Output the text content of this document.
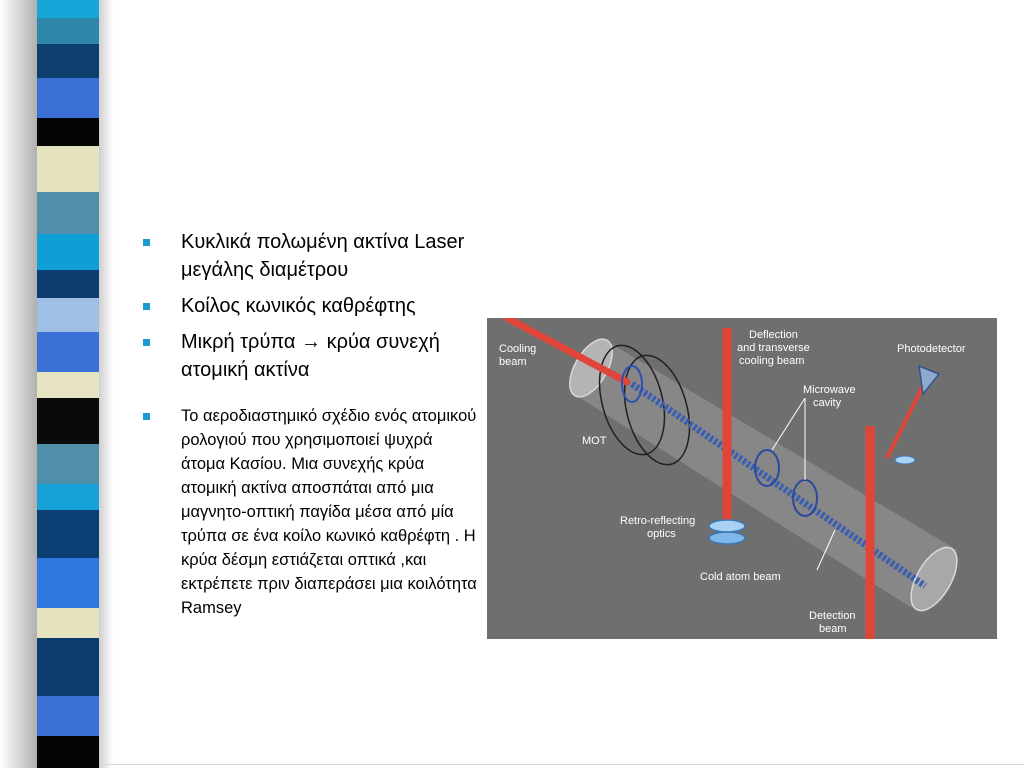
Κυκλικά πολωμένη ακτίνα Laser μεγάλης διαμέτρου
Κοίλος κωνικός καθρέφτης
Μικρή τρύπα → κρύα συνεχή ατομική ακτίνα
Το αεροδιαστημικό σχέδιο ενός ατομικού ρολογιού που χρησιμοποιεί ψυχρά άτομα Κασίου. Μια συνεχής κρύα ατομική ακτίνα αποσπάται από μια μαγνητο-οπτική παγίδα μέσα από μία τρύπα σε ένα κοίλο κωνικό καθρέφτη . Η κρύα δέσμη εστιάζεται οπτικά ,και εκτρέπετε πριν διαπεράσει μια κοιλότητα Ramsey
Cooling
beam
Deflection
and transverse
cooling beam
Photodetector
Microwave
cavity
MOT
Retro-reflecting
optics
Cold atom beam
Detection
beam
